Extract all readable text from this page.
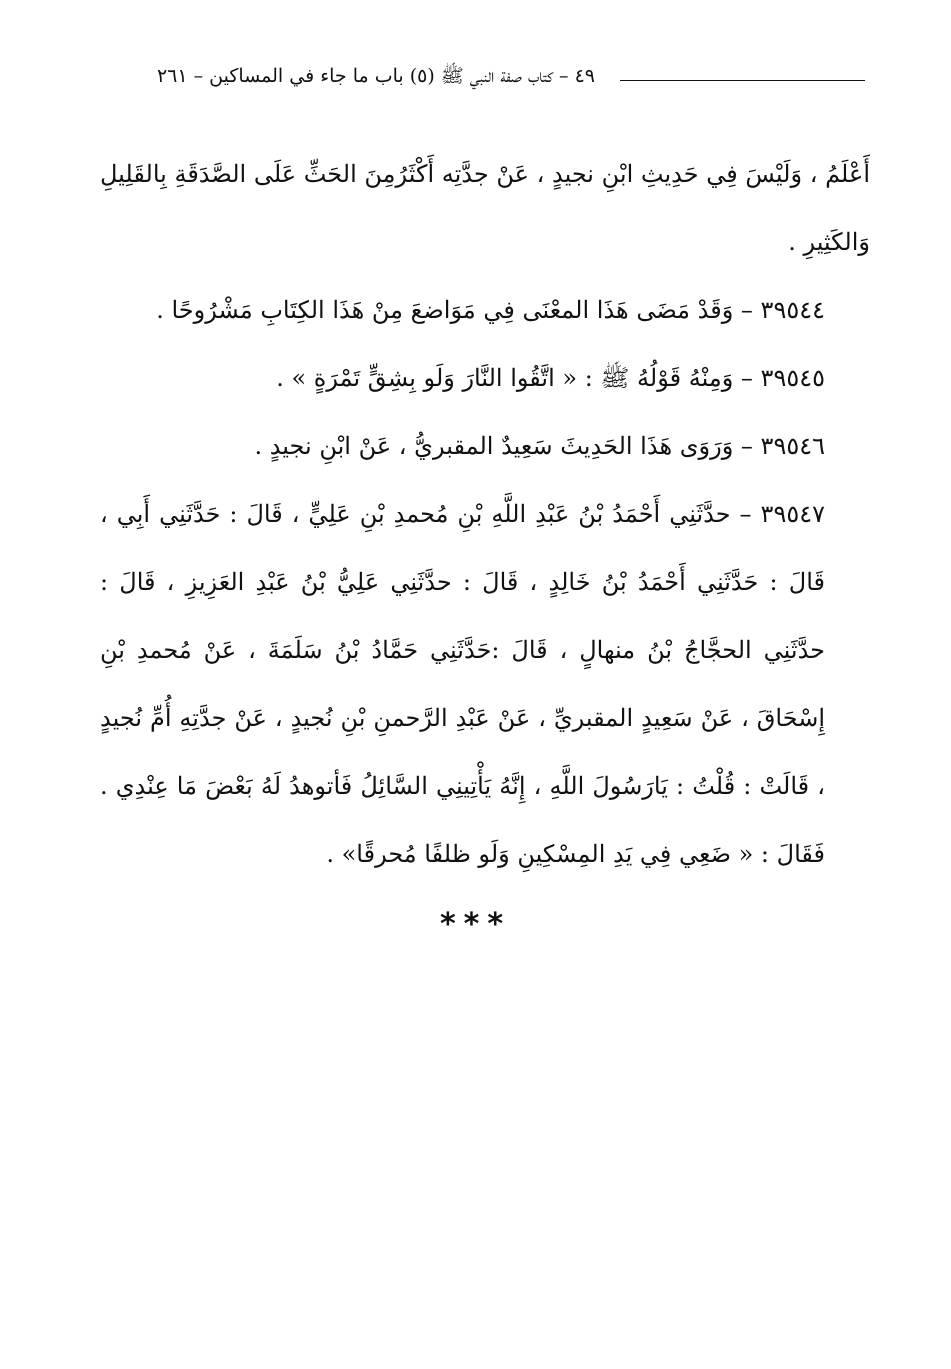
٤٩ – كتاب صفة النبي ﷺ (٥) باب ما جاء في المساكين – ٢٦١

أَعْلَمُ ، وَلَيْسَ فِي حَدِيثِ ابْنِ نجيدٍ ، عَنْ جدَّتِه أَكْثَرُمِنَ الحَثِّ عَلَى الصَّدَقَةِ بِالقَلِيلِ وَالكَثِيرِ .

٣٩٥٤٤ – وَقَدْ مَضَى هَذَا المعْنَى فِي مَوَاضعَ مِنْ هَذَا الكِتَابِ مَشْرُوحًا .

٣٩٥٤٥ – وَمِنْهُ قَوْلُهُ ﷺ : « اتَّقُوا النَّارَ وَلَو بِشِقٍّ تَمْرَةٍ » .

٣٩٥٤٦ – وَرَوَى هَذَا الحَدِيثَ سَعِيدٌ المقبريُّ ، عَنْ ابْنِ نجيدٍ .

٣٩٥٤٧ – حدَّثَنِي أَحْمَدُ بْنُ عَبْدِ اللَّهِ بْنِ مُحمدِ بْنِ عَلِيٍّ ، قَالَ : حَدَّثَنِي أَبِي ، قَالَ : حَدَّثَنِي أَحْمَدُ بْنُ خَالِدٍ ، قَالَ : حدَّثَنِي عَلِيُّ بْنُ عَبْدِ العَزِيزِ ، قَالَ : حدَّثَنِي الحجَّاجُ بْنُ منهالٍ ، قَالَ :حَدَّثَنِي حَمَّادُ بْنُ سَلَمَةَ ، عَنْ مُحمدِ بْنِ إِسْحَاقَ ، عَنْ سَعِيدٍ المقبريِّ ، عَنْ عَبْدِ الرَّحمنِ بْنِ نُجيدٍ ، عَنْ جدَّتِهِ أُمِّ نُجيدٍ ، قَالَتْ : قُلْتُ : يَارَسُولَ اللَّهِ ، إِنَّهُ يَأْتِينِي السَّائِلُ فَأتوهدُ لَهُ بَعْضَ مَا عِنْدِي . فَقَالَ : « ضَعِي فِي يَدِ المِسْكِينِ وَلَو ظلفًا مُحرقًا» .

***
